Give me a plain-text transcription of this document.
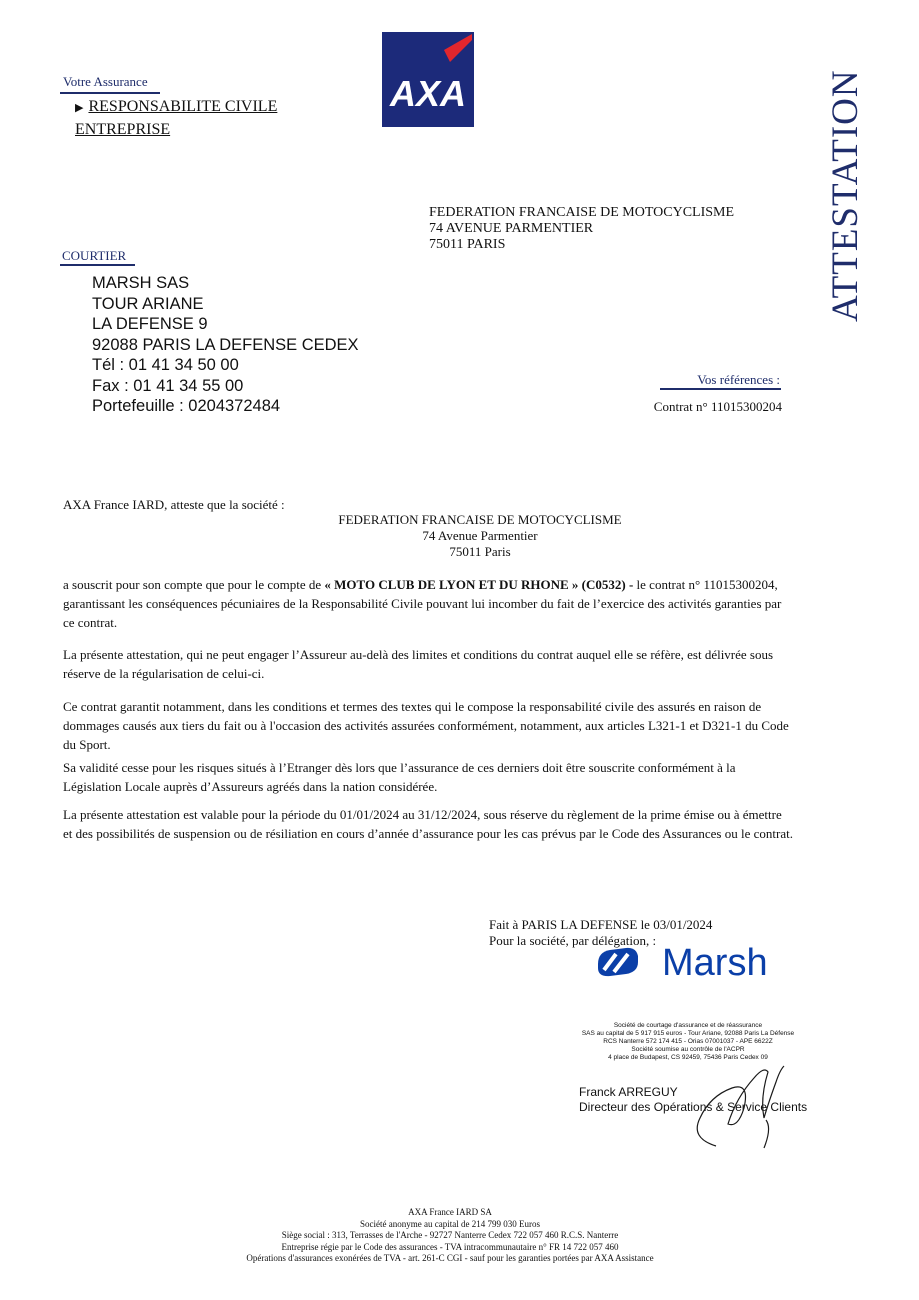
Votre Assurance
▶ RESPONSABILITE CIVILE
ENTREPRISE
AXA	ATTESTATION
FEDERATION FRANCAISE DE MOTOCYCLISME
74 AVENUE PARMENTIER
75011 PARIS
COURTIER
MARSH SAS
TOUR ARIANE
LA DEFENSE 9
92088 PARIS LA DEFENSE CEDEX
Tél : 01 41 34 50 00
Fax : 01 41 34 55 00
Portefeuille : 0204372484
Vos références :
Contrat n° 11015300204
AXA France IARD, atteste que la société :
FEDERATION FRANCAISE DE MOTOCYCLISME
74 Avenue Parmentier
75011 Paris
a souscrit pour son compte que pour le compte de « MOTO CLUB DE LYON ET DU RHONE » (C0532) - le contrat n° 11015300204, garantissant les conséquences pécuniaires de la Responsabilité Civile pouvant lui incomber du fait de l’exercice des activités garanties par ce contrat.
La présente attestation, qui ne peut engager l’Assureur au-delà des limites et conditions du contrat auquel elle se réfère, est délivrée sous réserve de la régularisation de celui-ci.
Ce contrat garantit notamment, dans les conditions et termes des textes qui le compose la responsabilité civile des assurés en raison de dommages causés aux tiers du fait ou à l'occasion des activités assurées conformément, notamment, aux articles L321-1 et D321-1 du Code du Sport.
Sa validité cesse pour les risques situés à l’Etranger dès lors que l’assurance de ces derniers doit être souscrite conformément à la Législation Locale auprès d’Assureurs agréés dans la nation considérée.
La présente attestation est valable pour la période du 01/01/2024 au 31/12/2024, sous réserve du règlement de la prime émise ou à émettre et des possibilités de suspension ou de résiliation en cours d’année d’assurance pour les cas prévus par le Code des Assurances ou le contrat.
Fait à PARIS LA DEFENSE le 03/01/2024
Pour la société, par délégation, :
Marsh
Société de courtage d'assurance et de réassurance
SAS au capital de 5 917 915 euros - Tour Ariane, 92088 Paris La Défense
RCS Nanterre 572 174 415 - Orias 07001037 - APE 6622Z
Société soumise au contrôle de l'ACPR
4 place de Budapest, CS 92459, 75436 Paris Cedex 09
Franck ARREGUY
Directeur des Opérations & Service Clients
AXA France IARD SA
Société anonyme au capital de 214 799 030 Euros
Siège social : 313, Terrasses de l'Arche - 92727 Nanterre Cedex 722 057 460 R.C.S. Nanterre
Entreprise régie par le Code des assurances - TVA intracommunautaire n° FR 14 722 057 460
Opérations d'assurances exonérées de TVA - art. 261-C CGI - sauf pour les garanties portées par AXA Assistance
